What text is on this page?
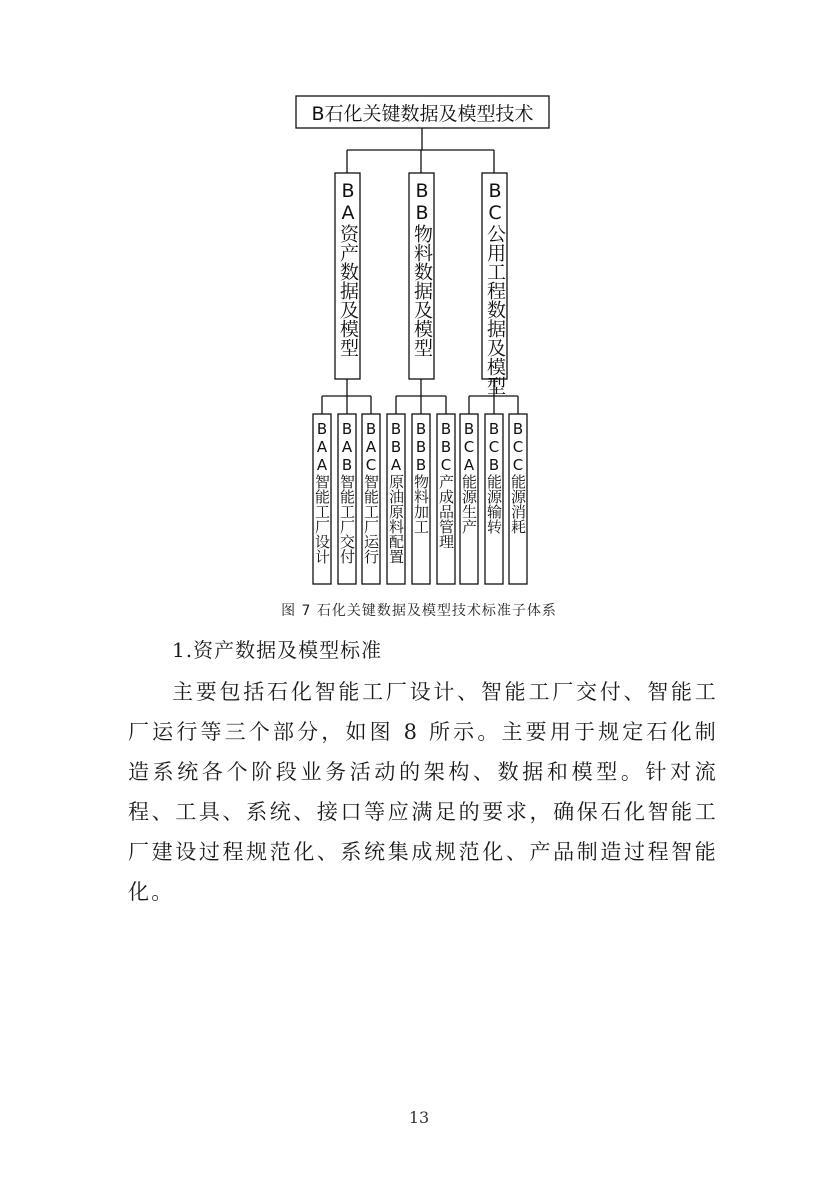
B石化关键数据及模型技术
BA资产数据及模型	BB物料数据及模型	BC公用工程数据及模型
BAA智能工厂设计 BAB智能工厂交付 BAC智能工厂运行 BBA原油原料配置 BBB物料加工 BBC产成品管理 BCA能源生产 BCB能源输转 BCC能源消耗
图 7 石化关键数据及模型技术标准子体系
1.资产数据及模型标准

主要包括石化智能工厂设计、智能工厂交付、智能工厂运行等三个部分，如图 8 所示。主要用于规定石化制造系统各个阶段业务活动的架构、数据和模型。针对流程、工具、系统、接口等应满足的要求，确保石化智能工厂建设过程规范化、系统集成规范化、产品制造过程智能化。

13
